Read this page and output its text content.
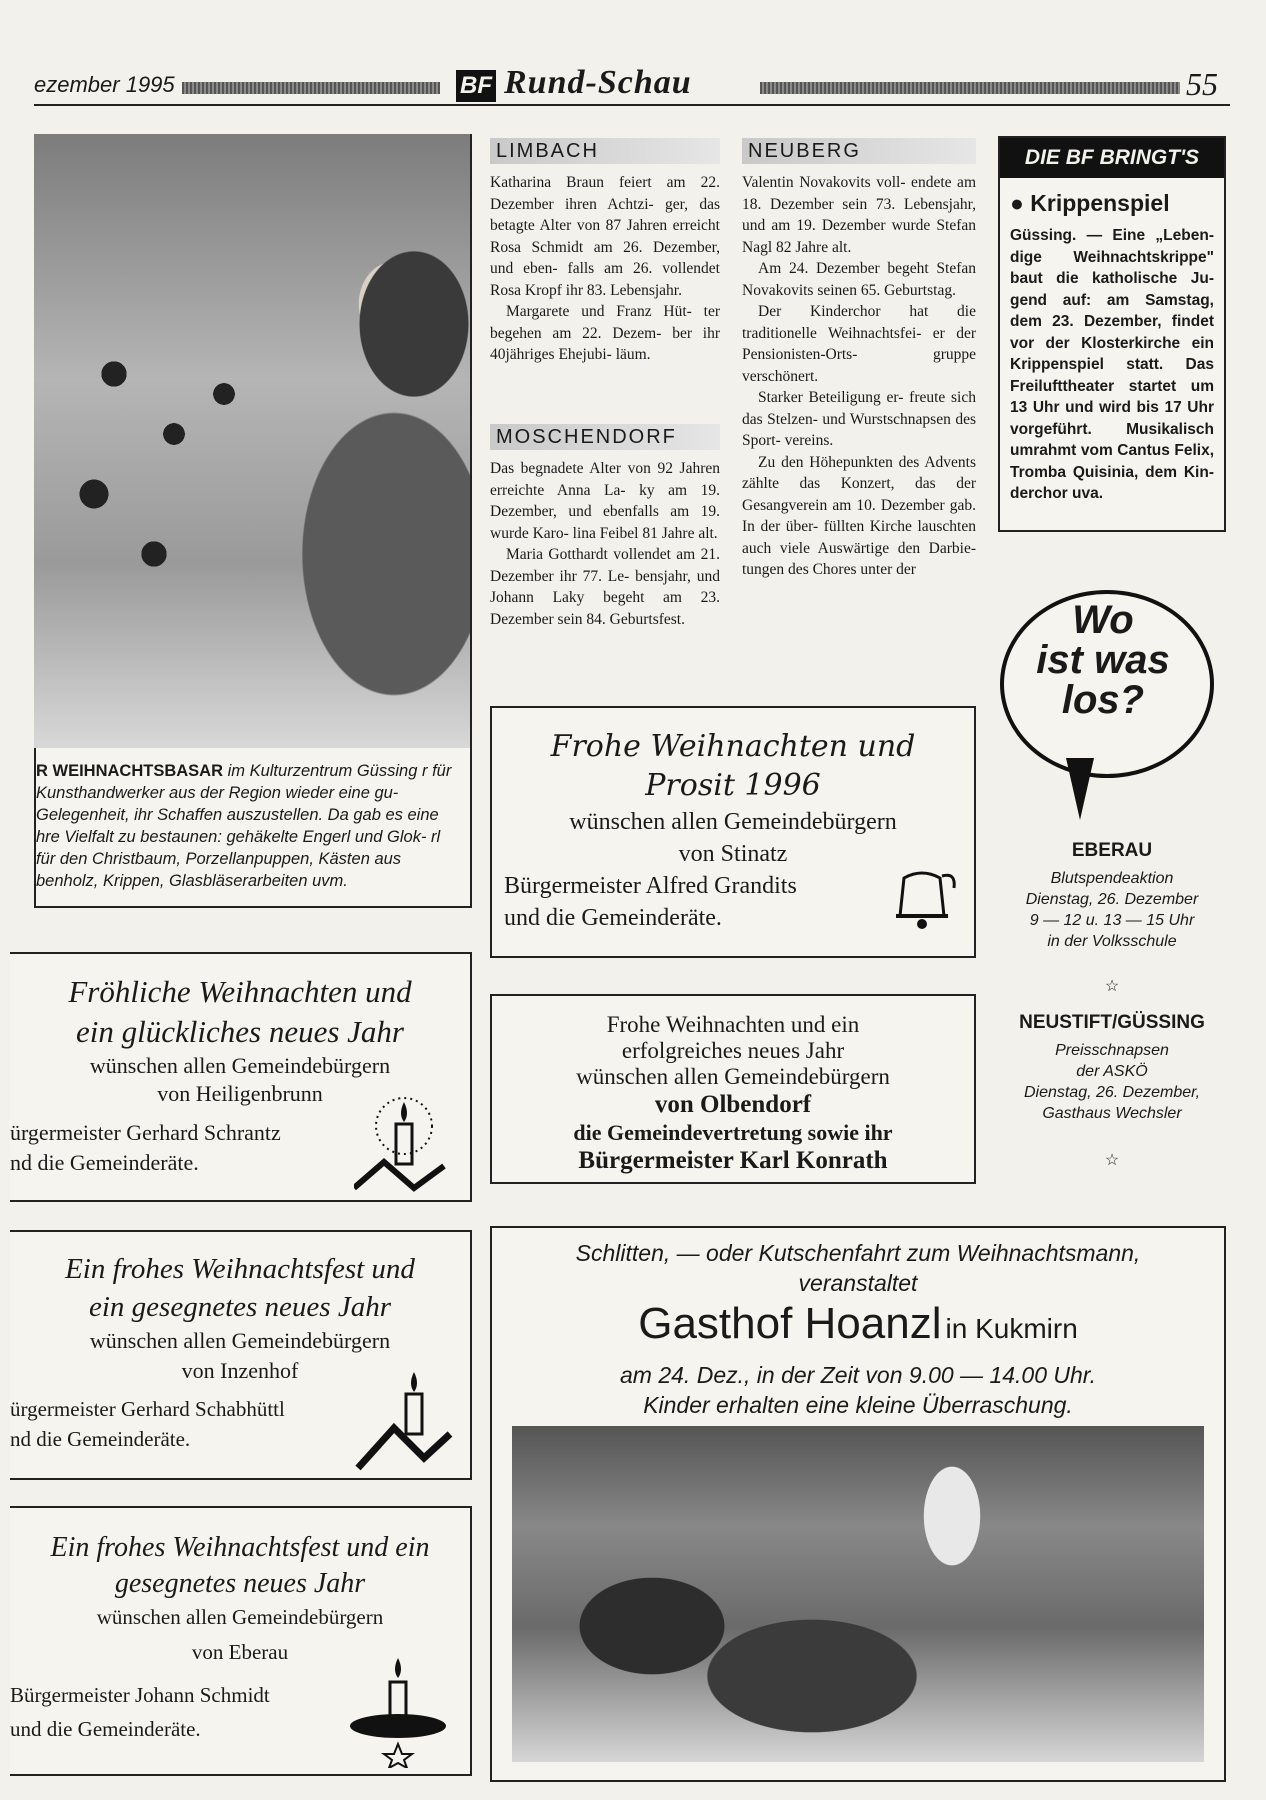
ezember 1995	BF Rund-Schau	55
R WEIHNACHTSBASAR im Kulturzentrum Güssing r für Kunsthandwerker aus der Region wieder eine gu- Gelegenheit, ihr Schaffen auszustellen. Da gab es eine hre Vielfalt zu bestaunen: gehäkelte Engerl und Glok- rl für den Christbaum, Porzellanpuppen, Kästen aus benholz, Krippen, Glasbläserarbeiten uvm.
LIMBACH

Katharina Braun feiert am 22. Dezember ihren Achtzi- ger, das betagte Alter von 87 Jahren erreicht Rosa Schmidt am 26. Dezember, und eben- falls am 26. vollendet Rosa Kropf ihr 83. Lebensjahr.

Margarete und Franz Hüt- ter begehen am 22. Dezem- ber ihr 40jähriges Ehejubi- läum.

MOSCHENDORF

Das begnadete Alter von 92 Jahren erreichte Anna La- ky am 19. Dezember, und ebenfalls am 19. wurde Karo- lina Feibel 81 Jahre alt.

Maria Gotthardt vollendet am 21. Dezember ihr 77. Le- bensjahr, und Johann Laky begeht am 23. Dezember sein 84. Geburtsfest.

NEUBERG

Valentin Novakovits voll- endete am 18. Dezember sein 73. Lebensjahr, und am 19. Dezember wurde Stefan Nagl 82 Jahre alt.

Am 24. Dezember begeht Stefan Novakovits seinen 65. Geburtstag.

Der Kinderchor hat die traditionelle Weihnachtsfei- er der Pensionisten-Orts- gruppe verschönert.

Starker Beteiligung er- freute sich das Stelzen- und Wurstschnapsen des Sport- vereins.

Zu den Höhepunkten des Advents zählte das Konzert, das der Gesangverein am 10. Dezember gab. In der über- füllten Kirche lauschten auch viele Auswärtige den Darbie- tungen des Chores unter der

DIE BF BRINGT'S
● Krippenspiel
Güssing. — Eine „Leben- dige Weihnachtskrippe" baut die katholische Ju- gend auf: am Samstag, dem 23. Dezember, findet vor der Klosterkirche ein Krippenspiel statt. Das Freilufttheater startet um 13 Uhr und wird bis 17 Uhr vorgeführt. Musikalisch umrahmt vom Cantus Felix, Tromba Quisinia, dem Kin- derchor uva.
Wo
ist was
los?
EBERAU
Blutspendeaktion
Dienstag, 26. Dezember
9 — 12 u. 13 — 15 Uhr
in der Volksschule
☆
NEUSTIFT/GÜSSING
Preisschnapsen
der ASKÖ
Dienstag, 26. Dezember,
Gasthaus Wechsler
☆
Frohe Weihnachten und
Prosit 1996
wünschen allen Gemeindebürgern
von Stinatz
Bürgermeister Alfred Grandits
und die Gemeinderäte.
Frohe Weihnachten und ein
erfolgreiches neues Jahr
wünschen allen Gemeindebürgern
von Olbendorf
die Gemeindevertretung sowie ihr
Bürgermeister Karl Konrath
Fröhliche Weihnachten und
ein glückliches neues Jahr
wünschen allen Gemeindebürgern
von Heiligenbrunn
ürgermeister Gerhard Schrantz
nd die Gemeinderäte.
Ein frohes Weihnachtsfest und
ein gesegnetes neues Jahr
wünschen allen Gemeindebürgern
von Inzenhof
ürgermeister Gerhard Schabhüttl
nd die Gemeinderäte.
Ein frohes Weihnachtsfest und ein
gesegnetes neues Jahr
wünschen allen Gemeindebürgern
von Eberau
Bürgermeister Johann Schmidt
und die Gemeinderäte.
Schlitten, — oder Kutschenfahrt zum Weihnachtsmann,
veranstaltet
Gasthof Hoanzl in Kukmirn
am 24. Dez., in der Zeit von 9.00 — 14.00 Uhr.
Kinder erhalten eine kleine Überraschung.
